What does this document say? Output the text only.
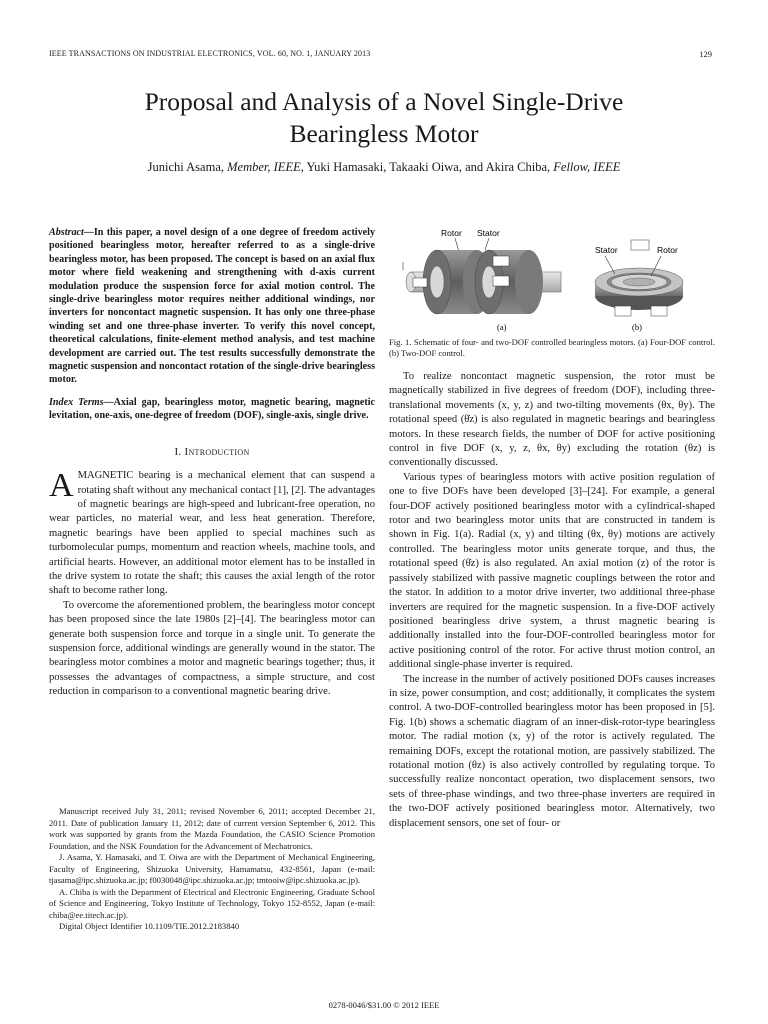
IEEE TRANSACTIONS ON INDUSTRIAL ELECTRONICS, VOL. 60, NO. 1, JANUARY 2013	129
Proposal and Analysis of a Novel Single-Drive
Bearingless Motor
Junichi Asama, Member, IEEE, Yuki Hamasaki, Takaaki Oiwa, and Akira Chiba, Fellow, IEEE
Abstract—In this paper, a novel design of a one degree of freedom actively positioned bearingless motor, hereafter referred to as a single-drive bearingless motor, has been proposed. The concept is based on an axial flux motor where field weakening and strengthening with d-axis current modulation produce the suspension force for axial motion control. The single-drive bearingless motor requires neither additional windings, nor inverters for noncontact magnetic suspension. It has only one three-phase winding set and one three-phase inverter. To verify this novel concept, theoretical calculations, finite-element method analysis, and test machine development are carried out. The test results successfully demonstrate the magnetic suspension and noncontact rotation of the single-drive bearingless motor.
Index Terms—Axial gap, bearingless motor, magnetic bearing, magnetic levitation, one-axis, one-degree of freedom (DOF), single-axis, single drive.
I. Introduction

A MAGNETIC bearing is a mechanical element that can suspend a rotating shaft without any mechanical contact [1], [2]. The advantages of magnetic bearings are high-speed and lubricant-free operation, no wear particles, no material wear, and less heat generation. Therefore, magnetic bearings have been applied to special machines such as turbomolecular pumps, momentum and reaction wheels, machine tools, and artificial hearts. However, an additional motor element has to be installed in the drive system to rotate the shaft; this causes the axial length of the rotor shaft to become rather long.

To overcome the aforementioned problem, the bearingless motor concept has been proposed since the late 1980s [2]–[4]. The bearingless motor can generate both suspension force and torque in a single unit. To generate the suspension force, additional windings are generally wound in the stator. The bearingless motor combines a motor and magnetic bearings together; thus, it possesses the advantages of compactness, a simple structure, and cost reduction in comparison to a conventional magnetic bearing drive.

Manuscript received July 31, 2011; revised November 6, 2011; accepted December 21, 2011. Date of publication January 11, 2012; date of current version September 6, 2012. This work was supported by grants from the Mazda Foundation, the CASIO Science Promotion Foundation, and the NSK Foundation for the Advancement of Mechatronics.

J. Asama, Y. Hamasaki, and T. Oiwa are with the Department of Mechanical Engineering, Faculty of Engineering, Shizuoka University, Hamamatsu, 432-8561, Japan (e-mail: tjasama@ipc.shizuoka.ac.jp; f0030048@ipc.shizuoka.ac.jp; tmtooiw@ipc.shizuoka.ac.jp).

A. Chiba is with the Department of Electrical and Electronic Engineering, Graduate School of Science and Engineering, Tokyo Institute of Technology, Tokyo 152-8552, Japan (e-mail: chiba@ee.titech.ac.jp).

Digital Object Identifier 10.1109/TIE.2012.2183840

Rotor Stator
(a)
Stator	Rotor
(b)
Fig. 1. Schematic of four- and two-DOF controlled bearingless motors. (a) Four-DOF control. (b) Two-DOF control.

To realize noncontact magnetic suspension, the rotor must be magnetically stabilized in five degrees of freedom (DOF), including three-translational movements (x, y, z) and two-tilting movements (θx, θy). The rotational speed (θ̇z) is also regulated in magnetic bearings and bearingless motors. In these research fields, the number of DOF for active positioning control in five DOF (x, y, z, θx, θy) excluding the rotation (θz) is conventionally discussed.

Various types of bearingless motors with active position regulation of one to five DOFs have been developed [3]–[24]. For example, a general four-DOF actively positioned bearingless motor with a cylindrical-shaped rotor and two bearingless motor units that are constructed in tandem is shown in Fig. 1(a). Radial (x, y) and tilting (θx, θy) motions are actively controlled. The bearingless motor units generate torque, and thus, the rotational speed (θ̇z) is also regulated. An axial motion (z) of the rotor is passively stabilized with passive magnetic couplings between the rotor and the stator. In addition to a motor drive inverter, two additional three-phase inverters are required for the magnetic suspension. In a five-DOF actively positioned bearingless drive system, a thrust magnetic bearing is additionally installed into the four-DOF-controlled bearingless motor for active positioning control of the rotor. For active thrust motion control, an additional single-phase inverter is required.

The increase in the number of actively positioned DOFs causes increases in size, power consumption, and cost; additionally, it complicates the system control. A two-DOF-controlled bearingless motor has been proposed in [5]. Fig. 1(b) shows a schematic diagram of an inner-disk-rotor-type bearingless motor. The radial motion (x, y) of the rotor is actively regulated. The remaining DOFs, except the rotational motion, are passively stabilized. The rotational motion (θz) is also actively controlled by regulating torque. To successfully realize noncontact operation, two displacement sensors, two sets of three-phase windings, and two three-phase inverters are required in the two-DOF actively positioned bearingless motor. Alternatively, two displacement sensors, one set of four- or

0278-0046/$31.00 © 2012 IEEE
